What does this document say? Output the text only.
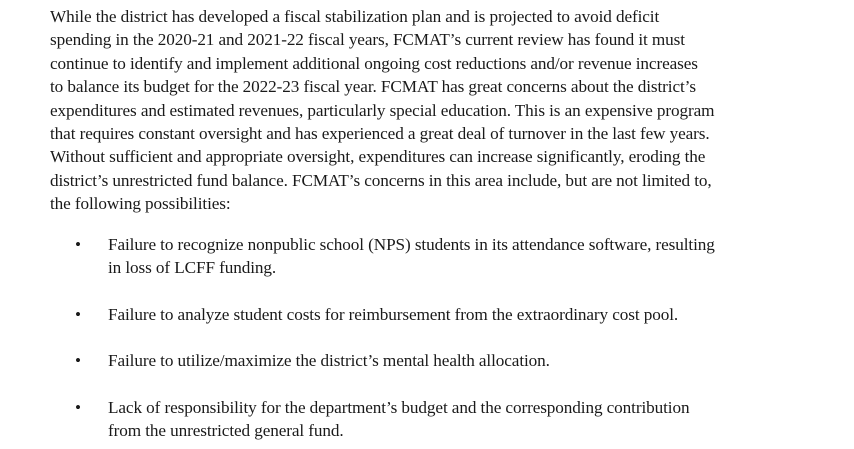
While the district has developed a fiscal stabilization plan and is projected to avoid deficit
spending in the 2020-21 and 2021-22 fiscal years, FCMAT’s current review has found it must
continue to identify and implement additional ongoing cost reductions and/or revenue increases
to balance its budget for the 2022-23 fiscal year. FCMAT has great concerns about the district’s
expenditures and estimated revenues, particularly special education. This is an expensive program
that requires constant oversight and has experienced a great deal of turnover in the last few years.
Without sufficient and appropriate oversight, expenditures can increase significantly, eroding the
district’s unrestricted fund balance. FCMAT’s concerns in this area include, but are not limited to,
the following possibilities:
• Failure to recognize nonpublic school (NPS) students in its attendance software, resulting
in loss of LCFF funding.
• Failure to analyze student costs for reimbursement from the extraordinary cost pool.
• Failure to utilize/maximize the district’s mental health allocation.
• Lack of responsibility for the department’s budget and the corresponding contribution
from the unrestricted general fund.
